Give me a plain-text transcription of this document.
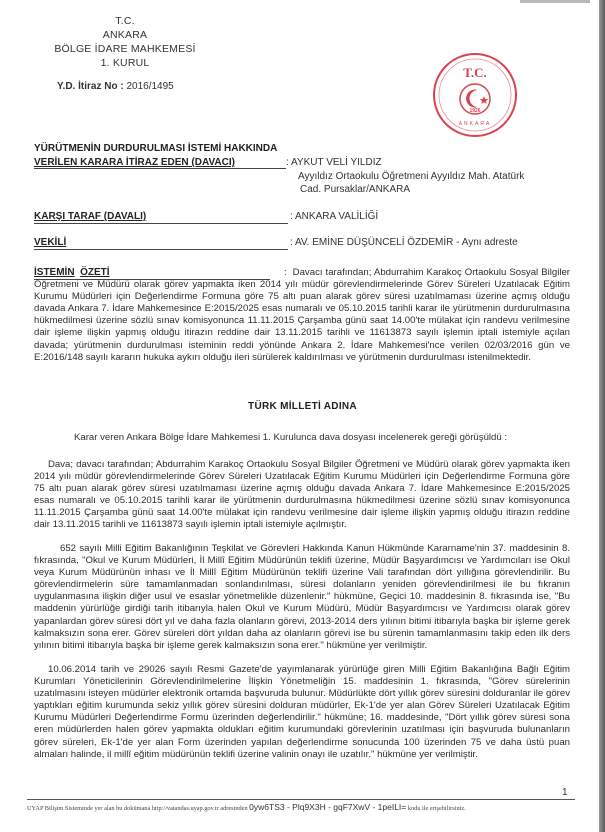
T.C.
ANKARA
BÖLGE İDARE MAHKEMESİ
1. KURUL
Y.D. İtiraz No : 2016/1495
T.C.
1926
ANKARA
YÜRÜTMENİN DURDURULMASI İSTEMİ HAKKINDA
VERİLEN KARARA İTİRAZ EDEN (DAVACI)	: AYKUT VELİ YILDIZ
Ayyıldız Ortaokulu Öğretmeni Ayyıldız Mah. Atatürk
Cad. Pursaklar/ANKARA
KARŞI TARAF (DAVALI)	: ANKARA VALİLİĞİ
VEKİLİ	: AV. EMİNE DÜŞÜNCELİ ÖZDEMİR - Aynı adreste
İSTEMİN ÖZETİ	: Davacı tarafından; Abdurrahim Karakoç Ortaokulu Sosyal Bilgiler Öğretmeni ve Müdürü olarak görev yapmakta iken 2014 yılı müdür görevlendirmelerinde Görev Süreleri Uzatılacak Eğitim Kurumu Müdürleri için Değerlendirme Formuna göre 75 altı puan alarak görev süresi uzatılmaması üzerine açmış olduğu davada Ankara 7. İdare Mahkemesince E:2015/2025 esas numaralı ve 05.10.2015 tarihli karar ile yürütmenin durdurulmasına hükmedilmesi üzerine sözlü sınav komisyonunca 11.11.2015 Çarşamba günü saat 14.00'te mülakat için randevu verilmesine dair işleme ilişkin yapmış olduğu itirazın reddine dair 13.11.2015 tarihli ve 11613873 sayılı işlemin iptali istemiyle açılan davada; yürütmenin durdurulması isteminin reddi yönünde Ankara 2. İdare Mahkemesi'nce verilen 02/03/2016 gün ve E:2016/148 sayılı kararın hukuka aykırı olduğu ileri sürülerek kaldırılması ve yürütmenin durdurulması istenilmektedir.
TÜRK MİLLETİ ADINA
Karar veren Ankara Bölge İdare Mahkemesi 1. Kurulunca dava dosyası incelenerek gereği görüşüldü :
Dava; davacı tarafından; Abdurrahim Karakoç Ortaokulu Sosyal Bilgiler Öğretmeni ve Müdürü olarak görev yapmakta iken 2014 yılı müdür görevlendirmelerinde Görev Süreleri Uzatılacak Eğitim Kurumu Müdürleri için Değerlendirme Formuna göre 75 altı puan alarak görev süresi uzatılmaması üzerine açmış olduğu davada Ankara 7. İdare Mahkemesince E:2015/2025 esas numaralı ve 05.10.2015 tarihli karar ile yürütmenin durdurulmasına hükmedilmesi üzerine sözlü sınav komisyonunca 11.11.2015 Çarşamba günü saat 14.00'te mülakat için randevu verilmesine dair işleme ilişkin yapmış olduğu itirazın reddine dair 13.11.2015 tarihli ve 11613873 sayılı işlemin iptali istemiyle açılmıştır.
652 sayılı Milli Eğitim Bakanlığının Teşkilat ve Görevleri Hakkında Kanun Hükmünde Kararname'nin 37. maddesinin 8. fıkrasında, "Okul ve Kurum Müdürleri, İl Millî Eğitim Müdürünün teklifi üzerine, Müdür Başyardımcısı ve Yardımcıları ise Okul veya Kurum Müdürünün inhası ve İl Millî Eğitim Müdürünün teklifi üzerine Vali tarafından dört yıllığına görevlendirilir. Bu görevlendirmelerin süre tamamlanmadan sonlandırılması, süresi dolanların yeniden görevlendirilmesi ile bu fıkranın uygulanmasına ilişkin diğer usul ve esaslar yönetmelikle düzenlenir." hükmüne, Geçici 10. maddesinin 8. fıkrasında ise, "Bu maddenin yürürlüğe girdiği tarih itibarıyla halen Okul ve Kurum Müdürü, Müdür Başyardımcısı ve Yardımcısı olarak görev yapanlardan görev süresi dört yıl ve daha fazla olanların görevi, 2013-2014 ders yılının bitimi itibarıyla başka bir işleme gerek kalmaksızın sona erer. Görev süreleri dört yıldan daha az olanların görevi ise bu sürenin tamamlanmasını takip eden ilk ders yılının bitimi itibarıyla başka bir işleme gerek kalmaksızın sona erer." hükmüne yer verilmiştir.
10.06.2014 tarih ve 29026 sayılı Resmi Gazete'de yayımlanarak yürürlüğe giren Milli Eğitim Bakanlığına Bağlı Eğitim Kurumları Yöneticilerinin Görevlendirilmelerine İlişkin Yönetmeliğin 15. maddesinin 1. fıkrasında, "Görev sürelerinin uzatılmasını isteyen müdürler elektronik ortamda başvuruda bulunur. Müdürlükte dört yıllık görev süresini dolduranlar ile görev yaptıkları eğitim kurumunda sekiz yıllık görev süresini dolduran müdürler, Ek-1'de yer alan Görev Süreleri Uzatılacak Eğitim Kurumu Müdürleri Değerlendirme Formu üzerinden değerlendirilir." hükmüne; 16. maddesinde, "Dört yıllık görev süresi sona eren müdürlerden halen görev yapmakta oldukları eğitim kurumundaki görevlerinin uzatılması için başvuruda bulunanların görev süreleri, Ek-1'de yer alan Form üzerinden yapılan değerlendirme sonucunda 100 üzerinden 75 ve daha üstü puan almaları halinde, il millî eğitim müdürünün teklifi üzerine valinin onayı ile uzatılır." hükmüne yer verilmiştir.
1
UYAP Bilişim Sisteminde yer alan bu dokümana http://vatandas.uyap.gov.tr adresinden 0yw6TS3 - Plq9X3H - gqF7XwV - 1peILI= kodu ile erişebilirsiniz.
